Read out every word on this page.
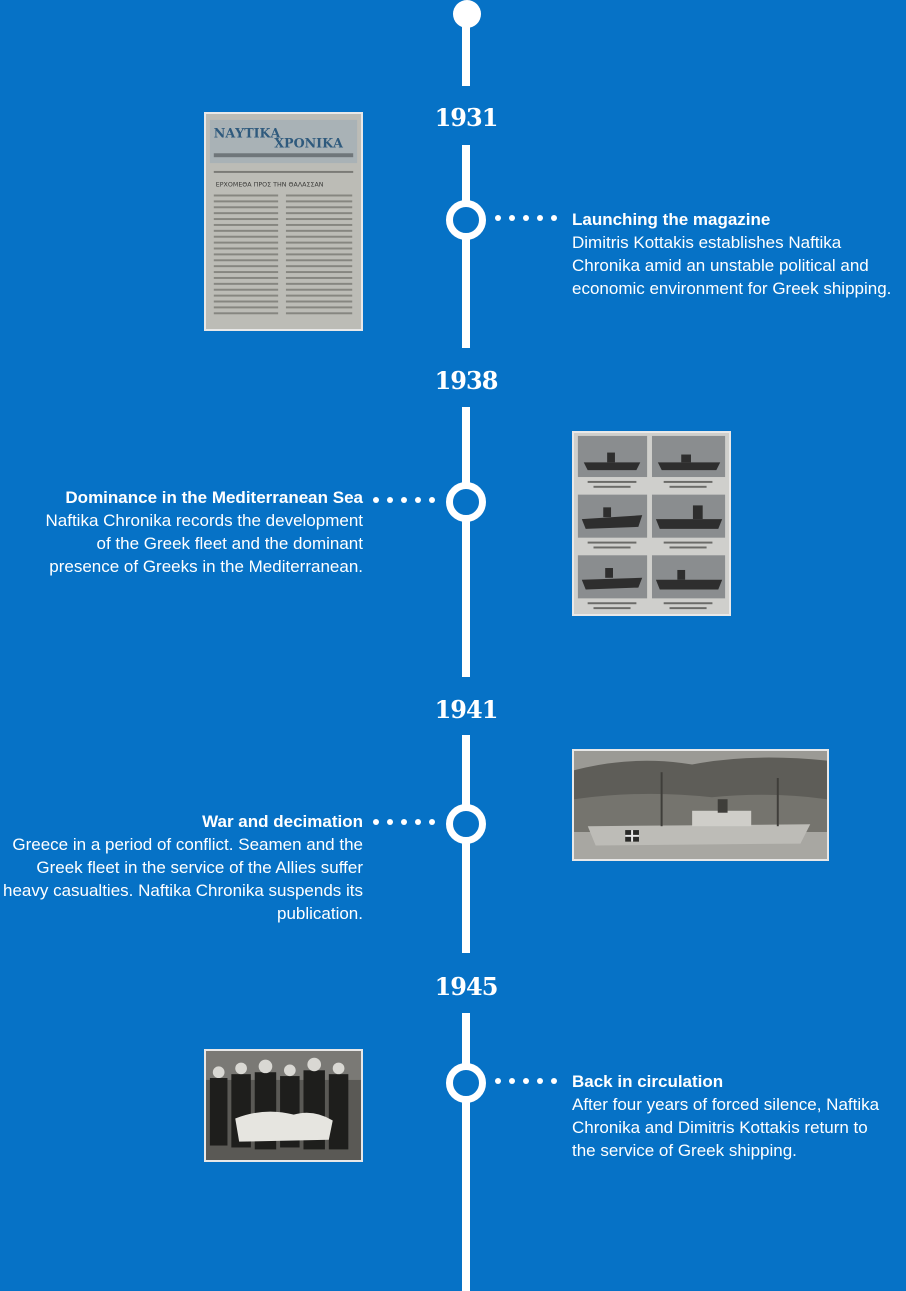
1931
1938
1941
1945
Launching the magazine
Dimitris Kottakis establishes Naftika
Chronika amid an unstable political and
economic environment for Greek shipping.
Dominance in the Mediterranean Sea
Naftika Chronika records the development
of the Greek fleet and the dominant
presence of Greeks in the Mediterranean.
War and decimation
Greece in a period of conflict. Seamen and the
Greek fleet in the service of the Allies suffer
heavy casualties. Naftika Chronika suspends its
publication.
Back in circulation
After four years of forced silence, Naftika
Chronika and Dimitris Kottakis return to
the service of Greek shipping.
ΝΑΥΤΙΚΑ
ΧΡΟΝΙΚΑ
ΕΡΧΟΜΕΘΑ ΠΡΟΣ ΤΗΝ ΘΑΛΑΣΣΑΝ
